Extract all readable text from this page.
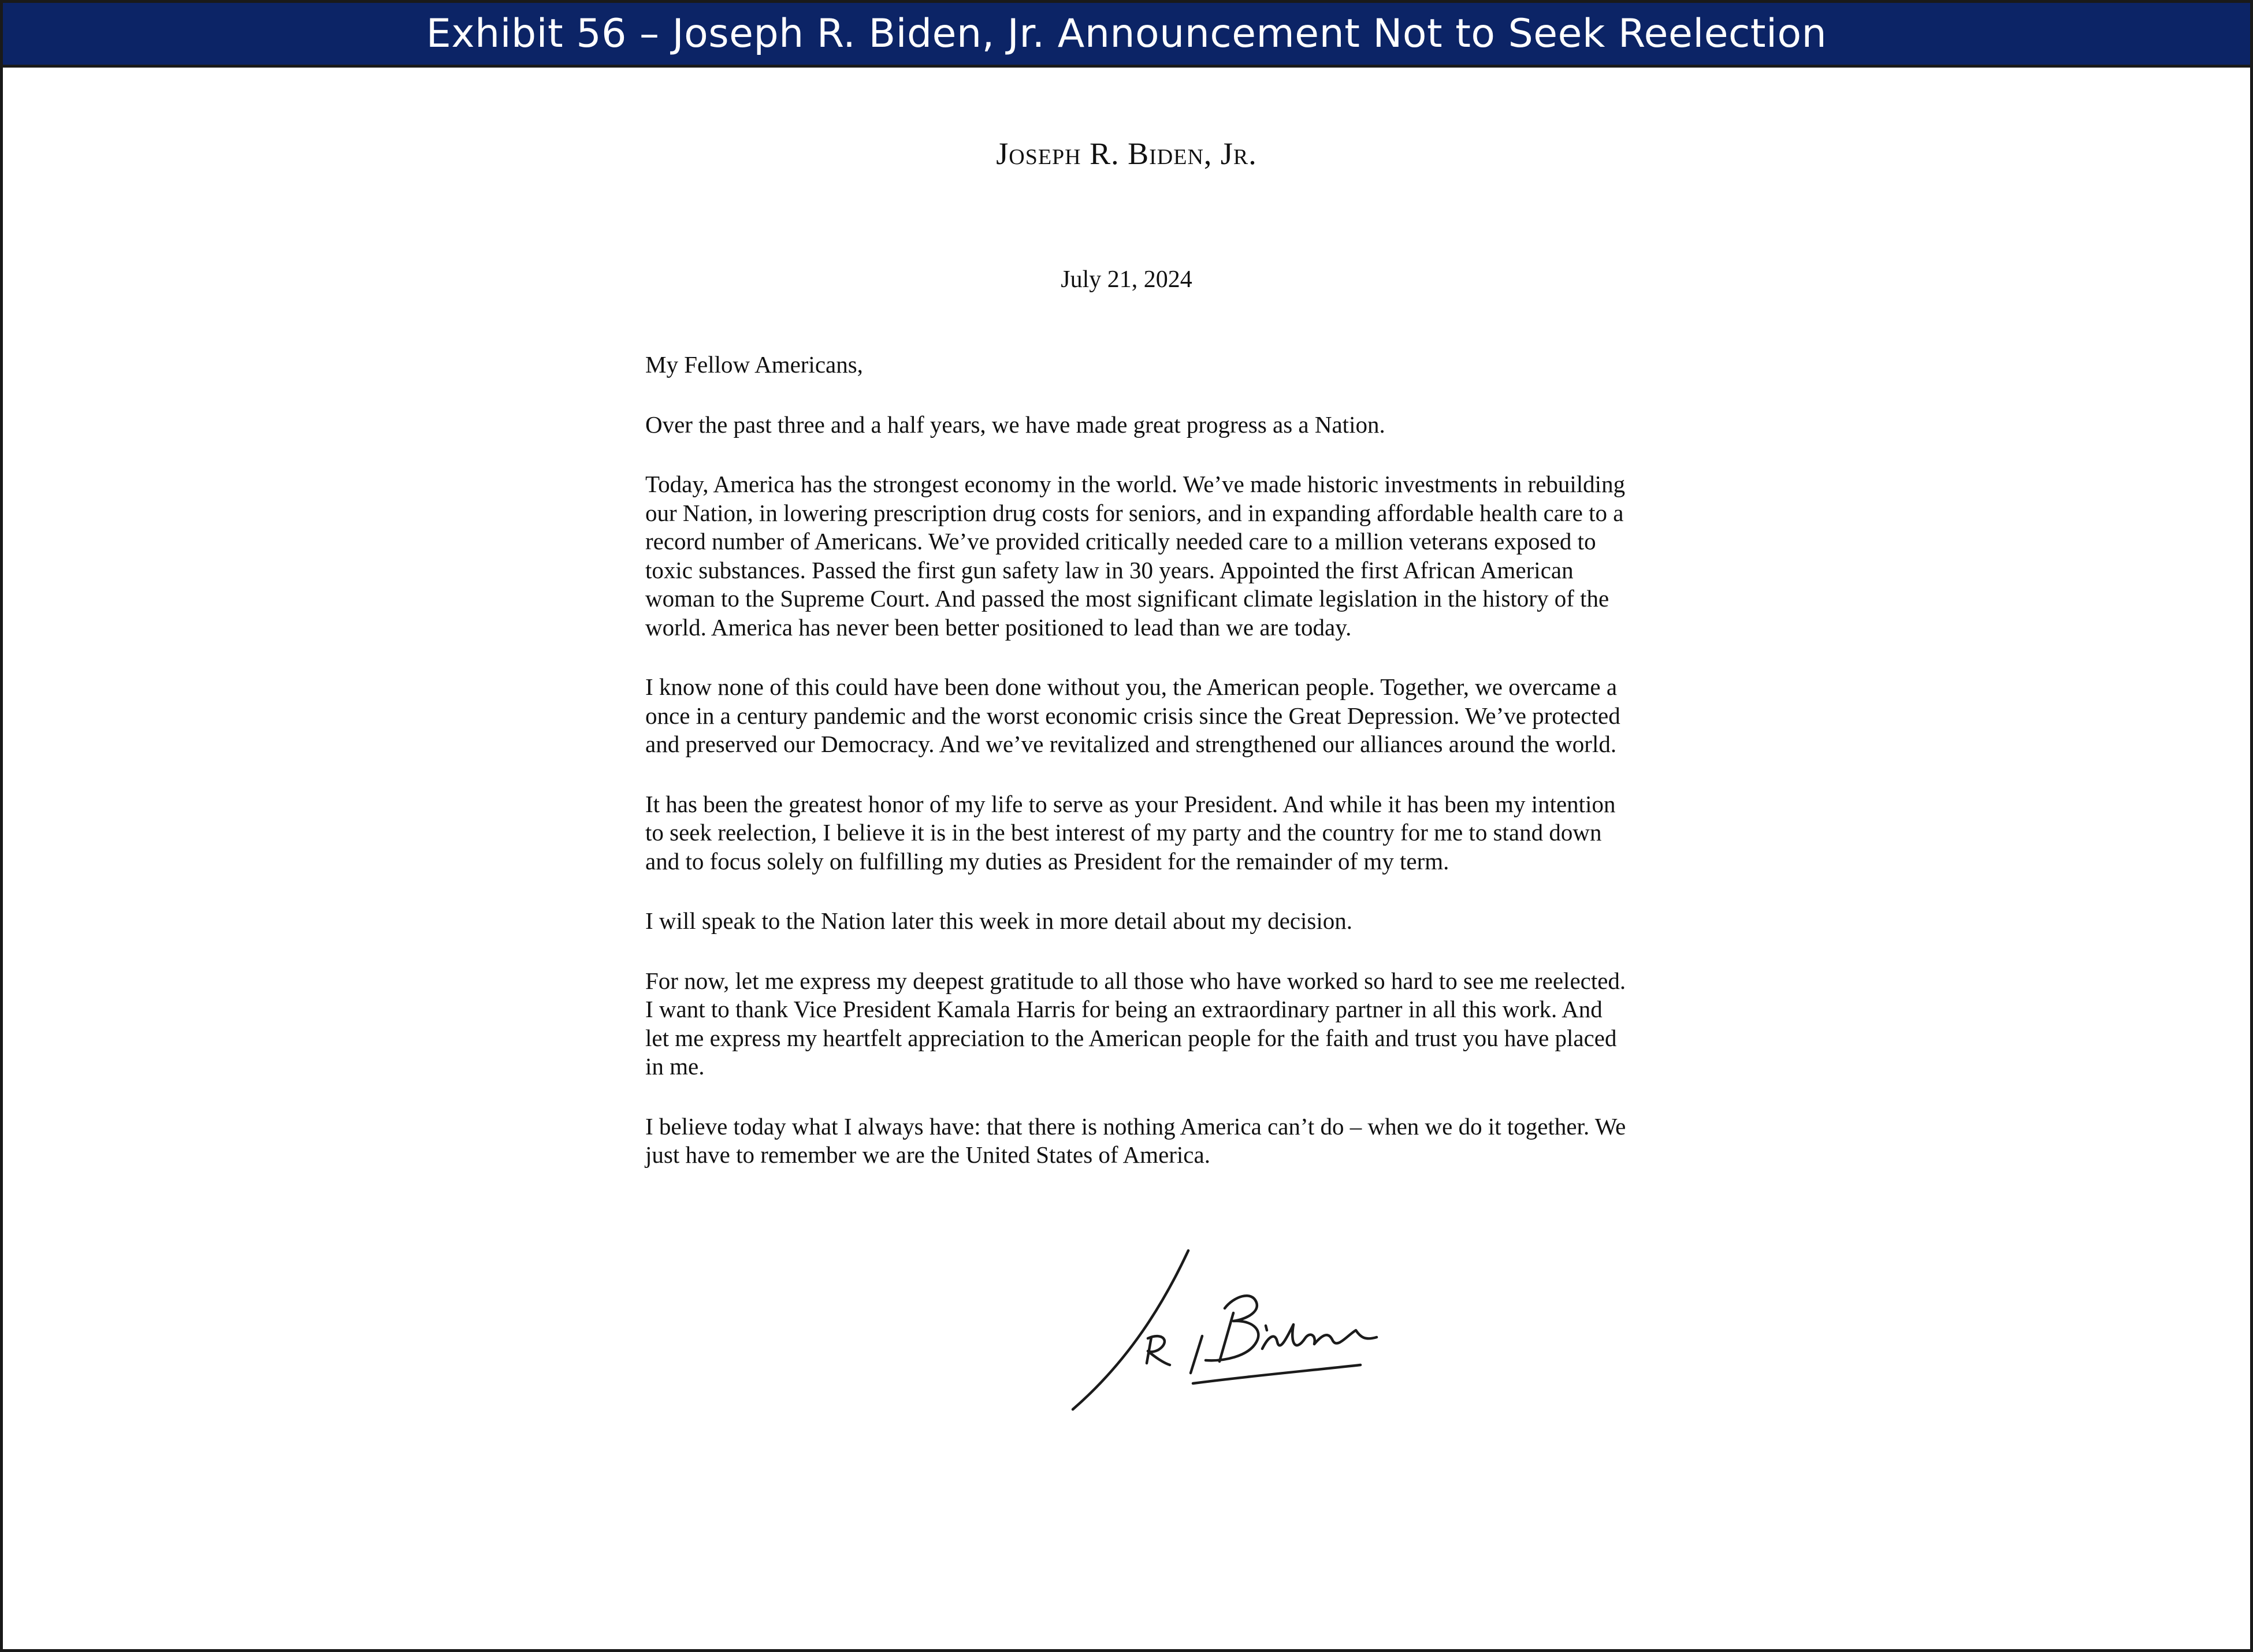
Exhibit 56 – Joseph R. Biden, Jr. Announcement Not to Seek Reelection
Joseph R. Biden, Jr.
July 21, 2024

My Fellow Americans,

Over the past three and a half years, we have made great progress as a Nation.

Today, America has the strongest economy in the world. We’ve made historic investments in rebuilding our Nation, in lowering prescription drug costs for seniors, and in expanding affordable health care to a record number of Americans. We’ve provided critically needed care to a million veterans exposed to toxic substances. Passed the first gun safety law in 30 years. Appointed the first African American woman to the Supreme Court. And passed the most significant climate legislation in the history of the world. America has never been better positioned to lead than we are today.

I know none of this could have been done without you, the American people. Together, we overcame a once in a century pandemic and the worst economic crisis since the Great Depression. We’ve protected and preserved our Democracy. And we’ve revitalized and strengthened our alliances around the world.

It has been the greatest honor of my life to serve as your President. And while it has been my intention to seek reelection, I believe it is in the best interest of my party and the country for me to stand down and to focus solely on fulfilling my duties as President for the remainder of my term.

I will speak to the Nation later this week in more detail about my decision.

For now, let me express my deepest gratitude to all those who have worked so hard to see me reelected. I want to thank Vice President Kamala Harris for being an extraordinary partner in all this work. And let me express my heartfelt appreciation to the American people for the faith and trust you have placed in me.

I believe today what I always have: that there is nothing America can’t do – when we do it together. We just have to remember we are the United States of America.
